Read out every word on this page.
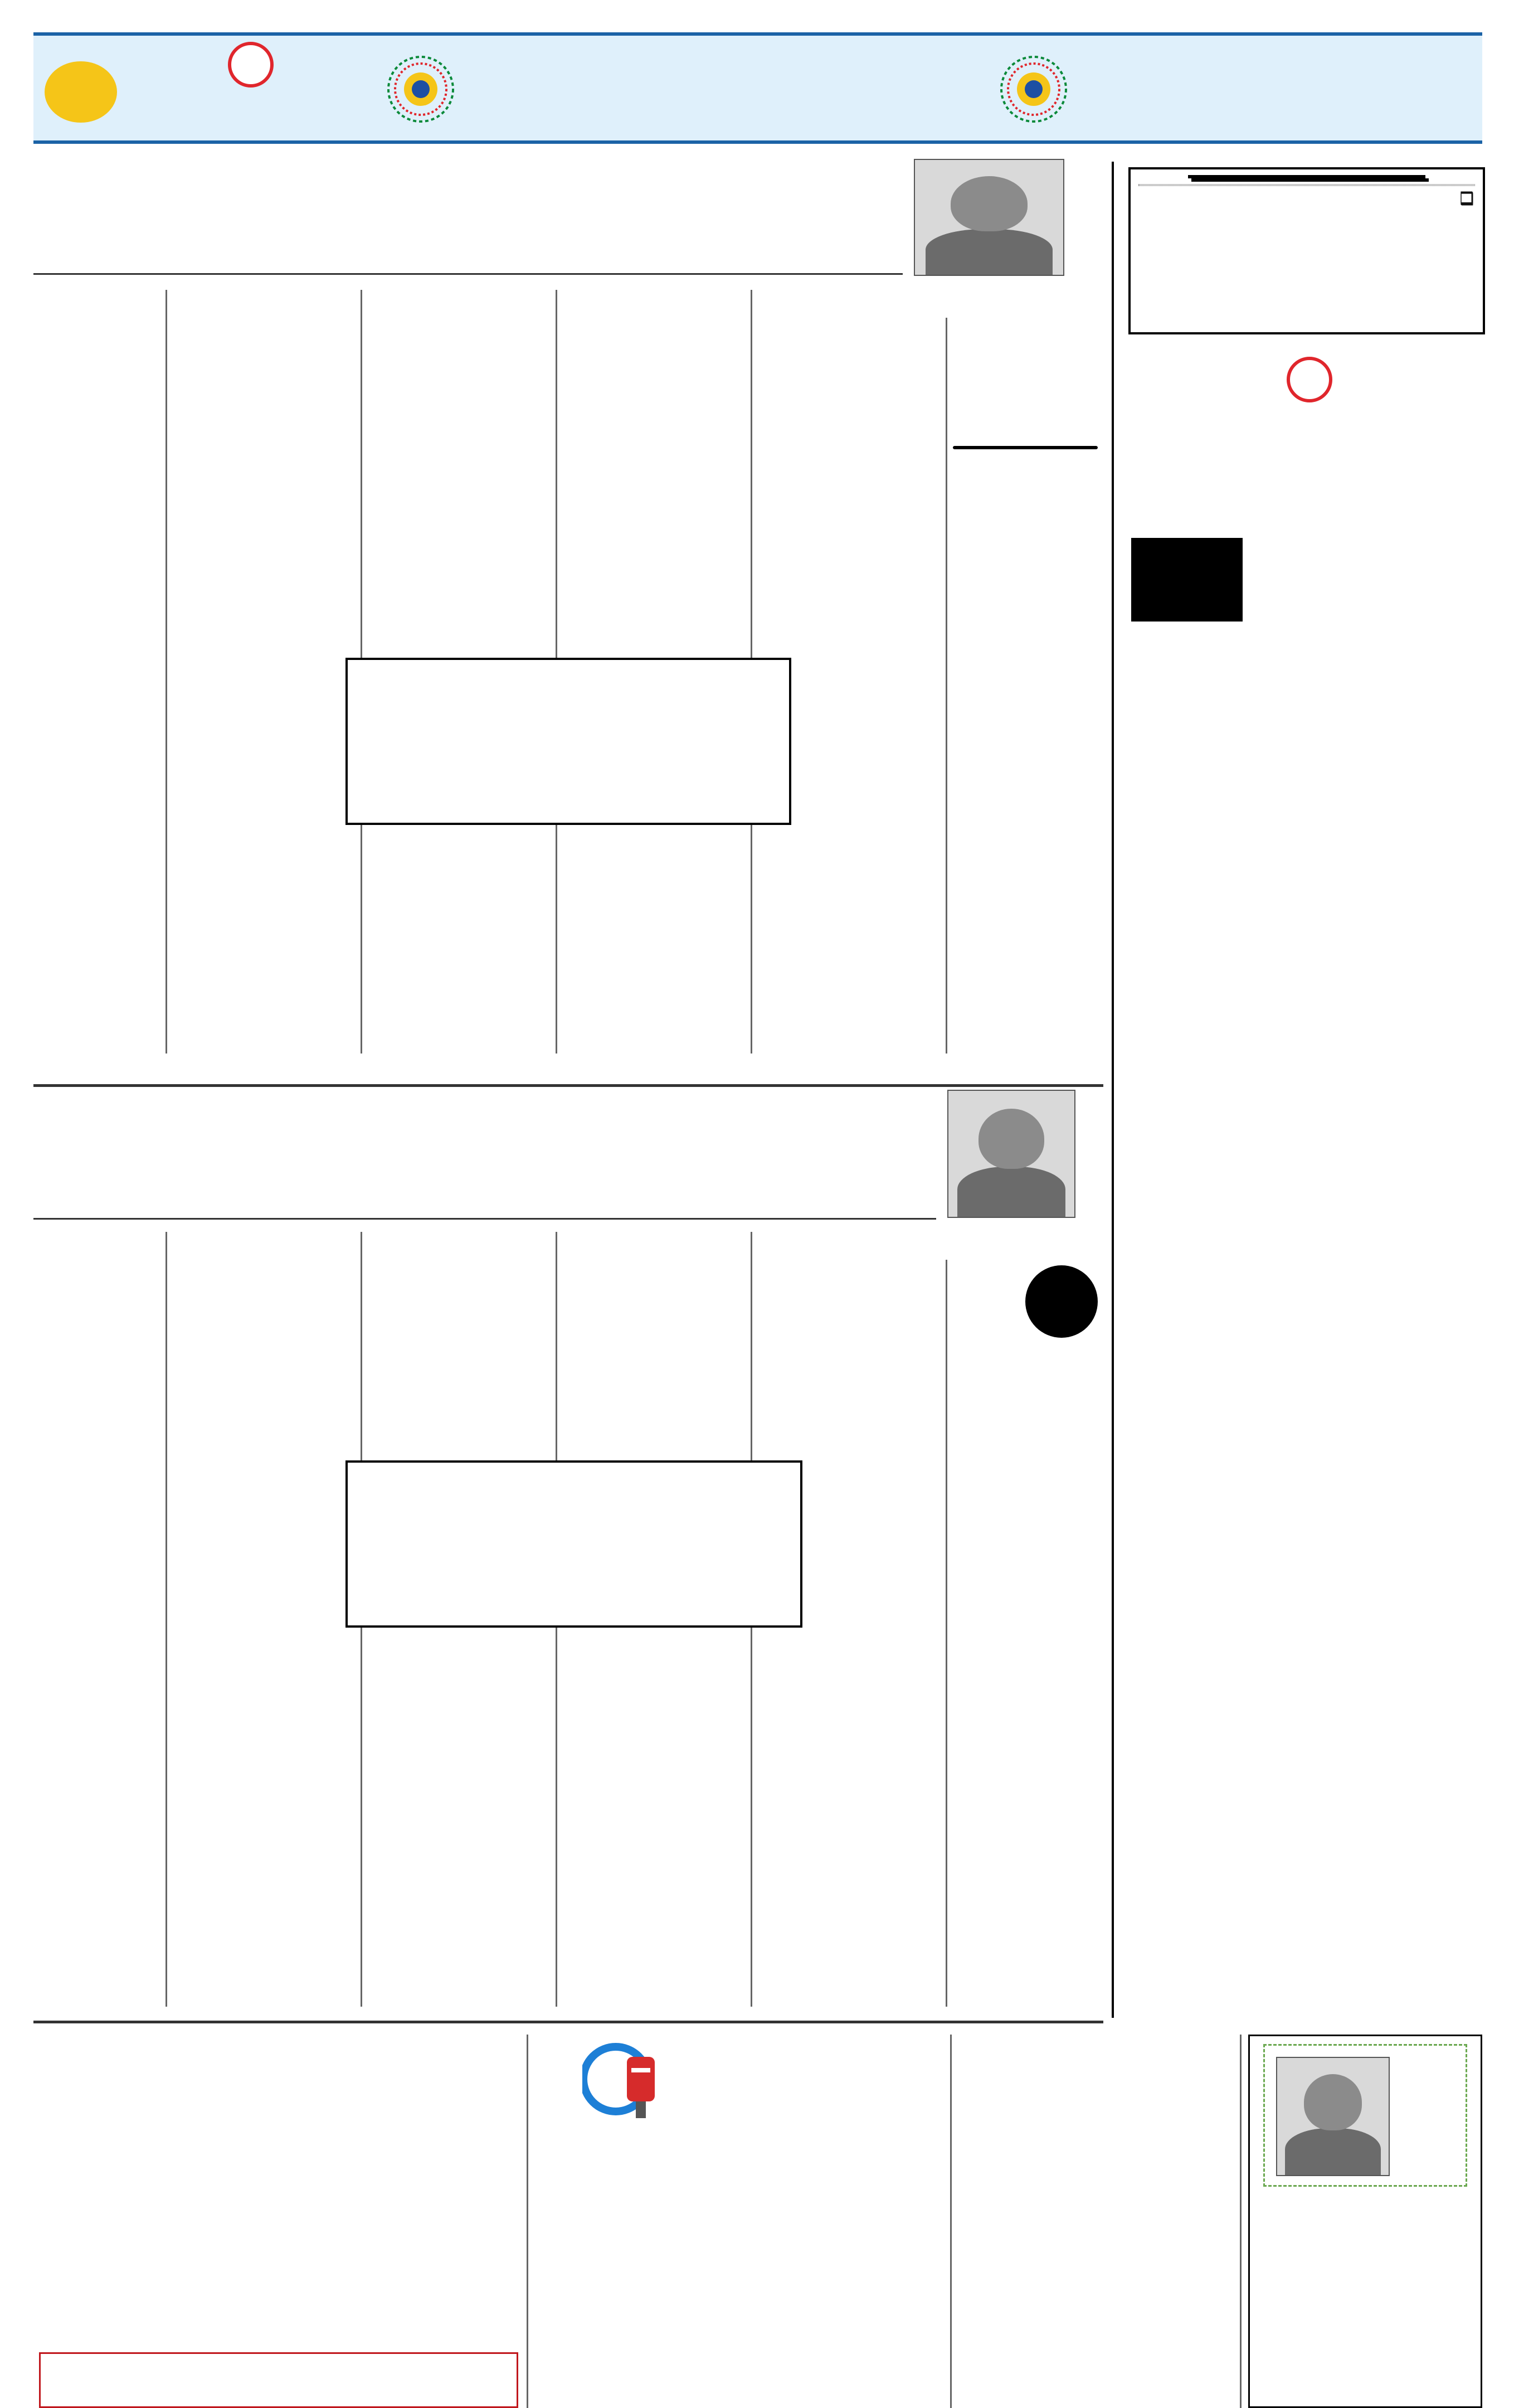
❑
❑
❑
❑
